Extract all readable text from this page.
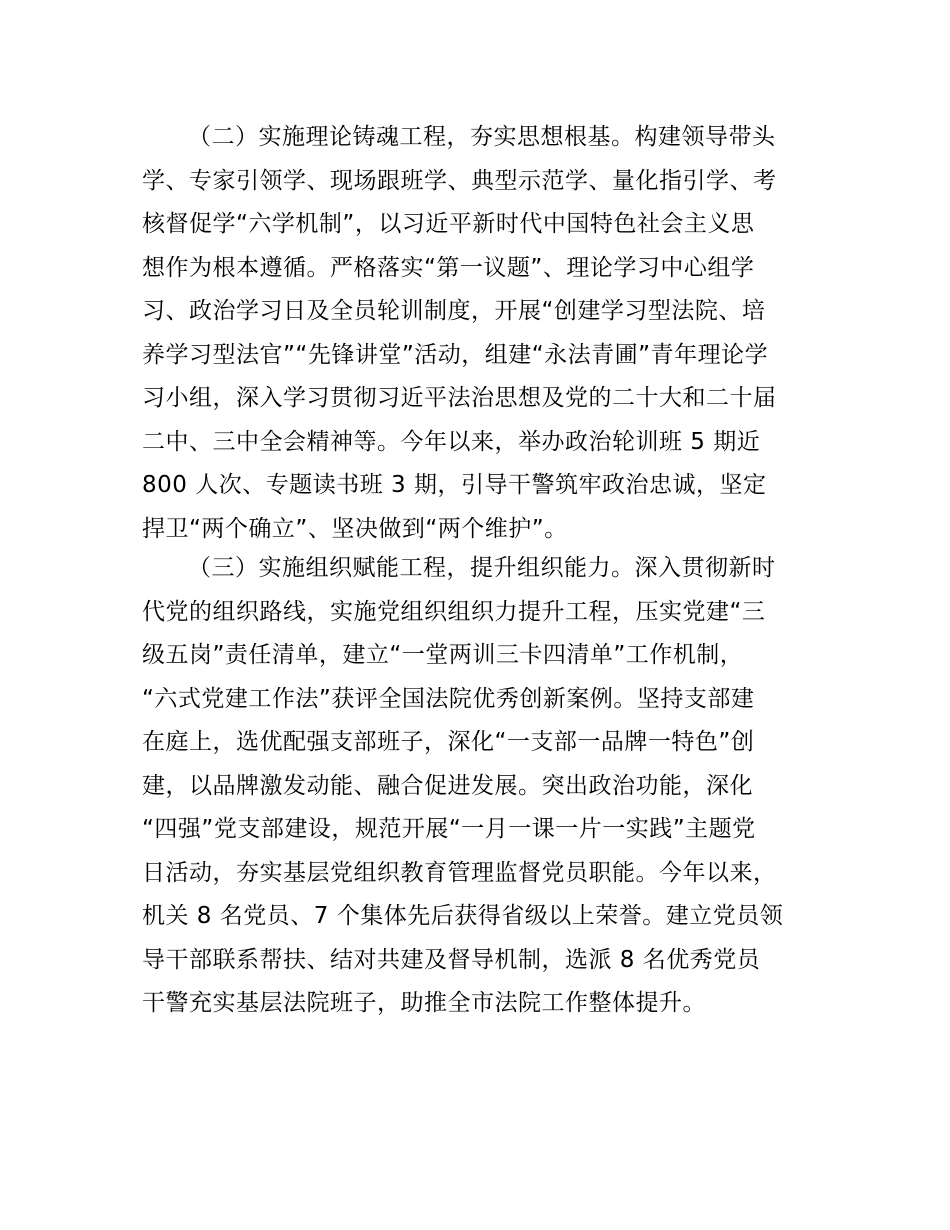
（二）实施理论铸魂工程，夯实思想根基。构建领导带头
学、专家引领学、现场跟班学、典型示范学、量化指引学、考
核督促学“六学机制”，以习近平新时代中国特色社会主义思
想作为根本遵循。严格落实“第一议题”、理论学习中心组学
习、政治学习日及全员轮训制度，开展“创建学习型法院、培
养学习型法官”“先锋讲堂”活动，组建“永法青圃”青年理论学
习小组，深入学习贯彻习近平法治思想及党的二十大和二十届
二中、三中全会精神等。今年以来，举办政治轮训班 5 期近
800 人次、专题读书班 3 期，引导干警筑牢政治忠诚，坚定
捍卫“两个确立”、坚决做到“两个维护”。
（三）实施组织赋能工程，提升组织能力。深入贯彻新时
代党的组织路线，实施党组织组织力提升工程，压实党建“三
级五岗”责任清单，建立“一堂两训三卡四清单”工作机制，
“六式党建工作法”获评全国法院优秀创新案例。坚持支部建
在庭上，选优配强支部班子，深化“一支部一品牌一特色”创
建，以品牌激发动能、融合促进发展。突出政治功能，深化
“四强”党支部建设，规范开展“一月一课一片一实践”主题党
日活动，夯实基层党组织教育管理监督党员职能。今年以来，
机关 8 名党员、7 个集体先后获得省级以上荣誉。建立党员领
导干部联系帮扶、结对共建及督导机制，选派 8 名优秀党员
干警充实基层法院班子，助推全市法院工作整体提升。
